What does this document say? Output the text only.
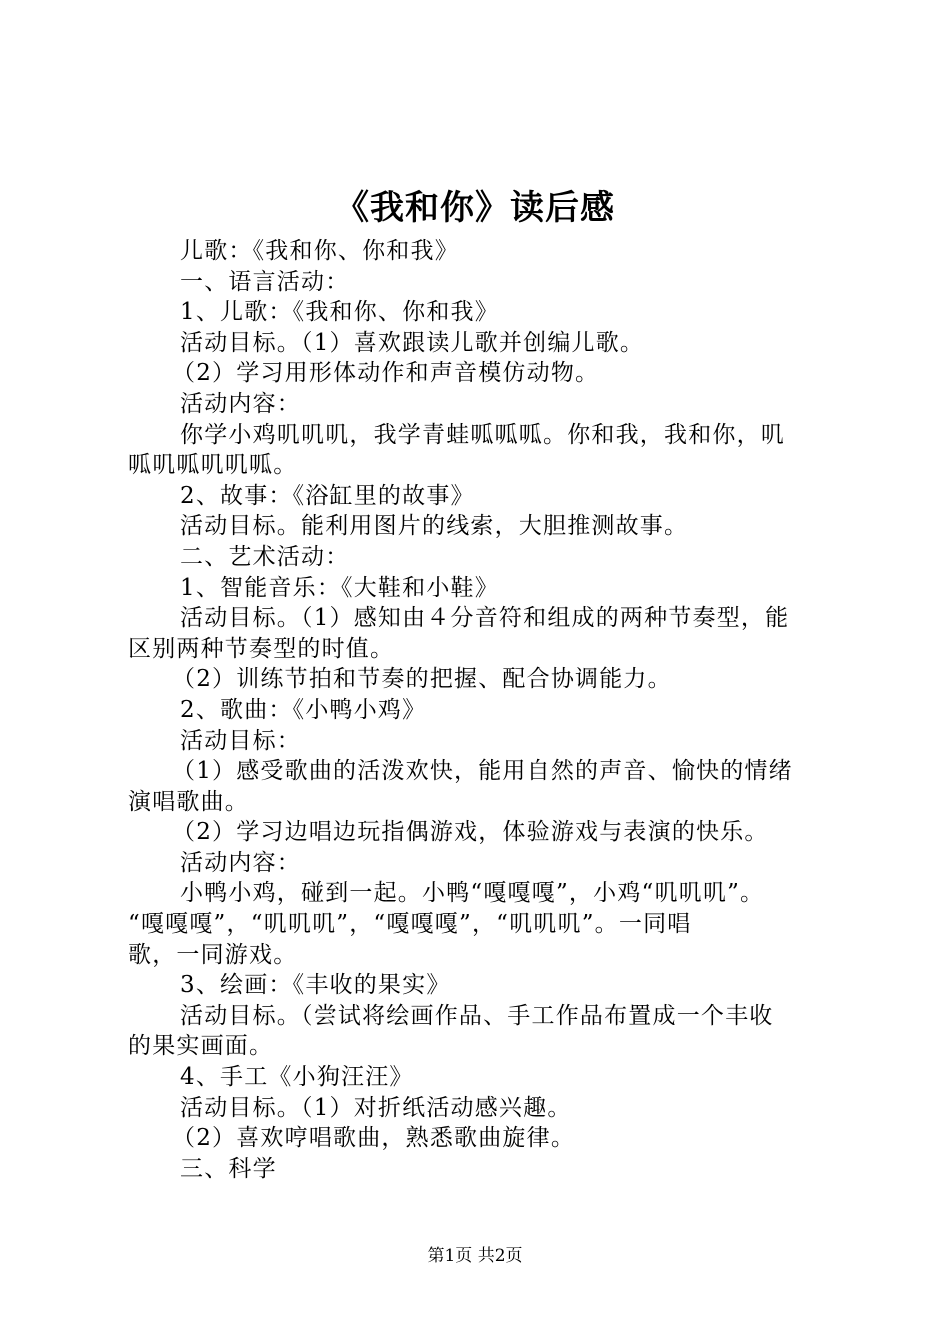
《我和你》读后感

儿歌：《我和你、你和我》

一、语言活动：

1、儿歌：《我和你、你和我》

活动目标。（1）喜欢跟读儿歌并创编儿歌。

（2）学习用形体动作和声音模仿动物。

活动内容：

你学小鸡叽叽叽，我学青蛙呱呱呱。你和我，我和你，叽

呱叽呱叽叽呱。

2、故事：《浴缸里的故事》

活动目标。能利用图片的线索，大胆推测故事。

二、艺术活动：

1、智能音乐：《大鞋和小鞋》

活动目标。（1）感知由４分音符和组成的两种节奏型，能

区别两种节奏型的时值。

（2）训练节拍和节奏的把握、配合协调能力。

2、歌曲：《小鸭小鸡》

活动目标：

（1）感受歌曲的活泼欢快，能用自然的声音、愉快的情绪

演唱歌曲。

（2）学习边唱边玩指偶游戏，体验游戏与表演的快乐。

活动内容：

小鸭小鸡，碰到一起。小鸭“嘎嘎嘎”，小鸡“叽叽叽”。

“嘎嘎嘎”，“叽叽叽”，“嘎嘎嘎”，“叽叽叽”。一同唱

歌，一同游戏。

3、绘画：《丰收的果实》

活动目标。（尝试将绘画作品、手工作品布置成一个丰收

的果实画面。

4、手工《小狗汪汪》

活动目标。（1）对折纸活动感兴趣。

（2）喜欢哼唱歌曲，熟悉歌曲旋律。

三、科学

第1页 共2页
